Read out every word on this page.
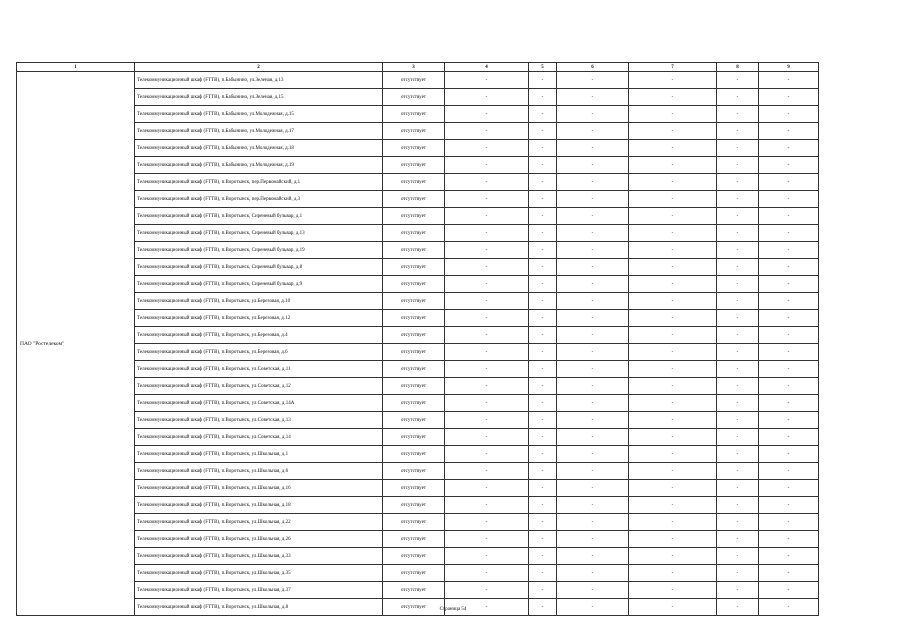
1	2	3	4	5	6	7	8	9
ПАО "Ростелеком"	Телекоммуникационный шкаф (FTTB), п.Бабынино, ул.Зеленая, д.13	отсутствует	-	-	-	-	-	-
	Телекоммуникационный шкаф (FTTB), п.Бабынино, ул.Зеленая, д.15	отсутствует	-	-	-	-	-	-
	Телекоммуникационный шкаф (FTTB), п.Бабынино, ул.Молодежная, д.15	отсутствует	-	-	-	-	-	-
	Телекоммуникационный шкаф (FTTB), п.Бабынино, ул.Молодежная, д.17	отсутствует	-	-	-	-	-	-
	Телекоммуникационный шкаф (FTTB), п.Бабынино, ул.Молодежная, д.18	отсутствует	-	-	-	-	-	-
	Телекоммуникационный шкаф (FTTB), п.Бабынино, ул.Молодежная, д.19	отсутствует	-	-	-	-	-	-
	Телекоммуникационный шкаф (FTTB), п.Воротынск, пер.Первомайский, д.1	отсутствует	-	-	-	-	-	-
	Телекоммуникационный шкаф (FTTB), п.Воротынск, пер.Первомайский, д.3	отсутствует	-	-	-	-	-	-
	Телекоммуникационный шкаф (FTTB), п.Воротынск, Сиреневый бульвар, д.1	отсутствует	-	-	-	-	-	-
	Телекоммуникационный шкаф (FTTB), п.Воротынск, Сиреневый бульвар, д.13	отсутствует	-	-	-	-	-	-
	Телекоммуникационный шкаф (FTTB), п.Воротынск, Сиреневый бульвар, д.19	отсутствует	-	-	-	-	-	-
	Телекоммуникационный шкаф (FTTB), п.Воротынск, Сиреневый бульвар, д.8	отсутствует	-	-	-	-	-	-
	Телекоммуникационный шкаф (FTTB), п.Воротынск, Сиреневый бульвар, д.9	отсутствует	-	-	-	-	-	-
	Телекоммуникационный шкаф (FTTB), п.Воротынск, ул.Березовая, д.10	отсутствует	-	-	-	-	-	-
	Телекоммуникационный шкаф (FTTB), п.Воротынск, ул.Березовая, д.12	отсутствует	-	-	-	-	-	-
	Телекоммуникационный шкаф (FTTB), п.Воротынск, ул.Березовая, д.4	отсутствует	-	-	-	-	-	-
	Телекоммуникационный шкаф (FTTB), п.Воротынск, ул.Березовая, д.6	отсутствует	-	-	-	-	-	-
	Телекоммуникационный шкаф (FTTB), п.Воротынск, ул.Советская, д.11	отсутствует	-	-	-	-	-	-
	Телекоммуникационный шкаф (FTTB), п.Воротынск, ул.Советская, д.12	отсутствует	-	-	-	-	-	-
	Телекоммуникационный шкаф (FTTB), п.Воротынск, ул.Советская, д.14А	отсутствует	-	-	-	-	-	-
	Телекоммуникационный шкаф (FTTB), п.Воротынск, ул.Советская, д.13	отсутствует	-	-	-	-	-	-
	Телекоммуникационный шкаф (FTTB), п.Воротынск, ул.Советская, д.14	отсутствует	-	-	-	-	-	-
	Телекоммуникационный шкаф (FTTB), п.Воротынск, ул.Школьная, д.1	отсутствует	-	-	-	-	-	-
	Телекоммуникационный шкаф (FTTB), п.Воротынск, ул.Школьная, д.6	отсутствует	-	-	-	-	-	-
	Телекоммуникационный шкаф (FTTB), п.Воротынск, ул.Школьная, д.16	отсутствует	-	-	-	-	-	-
	Телекоммуникационный шкаф (FTTB), п.Воротынск, ул.Школьная, д.18	отсутствует	-	-	-	-	-	-
	Телекоммуникационный шкаф (FTTB), п.Воротынск, ул.Школьная, д.22	отсутствует	-	-	-	-	-	-
	Телекоммуникационный шкаф (FTTB), п.Воротынск, ул.Школьная, д.26	отсутствует	-	-	-	-	-	-
	Телекоммуникационный шкаф (FTTB), п.Воротынск, ул.Школьная, д.33	отсутствует	-	-	-	-	-	-
	Телекоммуникационный шкаф (FTTB), п.Воротынск, ул.Школьная, д.35	отсутствует	-	-	-	-	-	-
	Телекоммуникационный шкаф (FTTB), п.Воротынск, ул.Школьная, д.37	отсутствует	-	-	-	-	-	-
	Телекоммуникационный шкаф (FTTB), п.Воротынск, ул.Школьная, д.8	отсутствует	-	-	-	-	-	-
Страница 54
